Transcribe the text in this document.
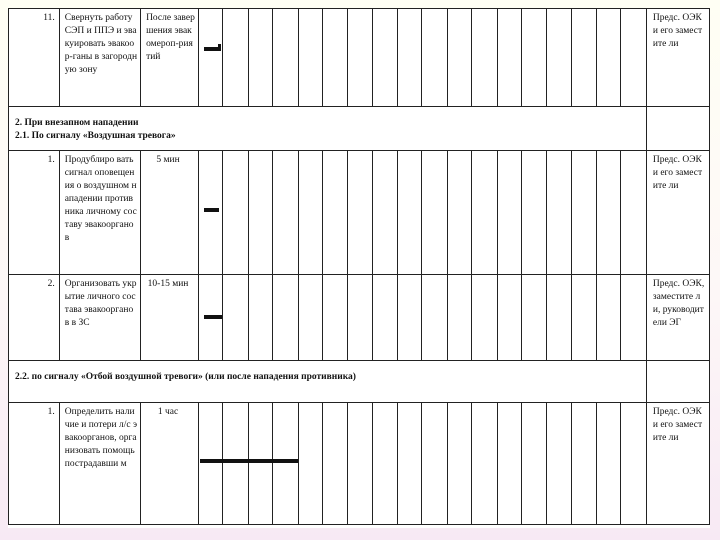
11.	Свернуть работу СЭП и ППЭ и эвакуировать эвакоор-ганы в загородную зону	После завершения эвакомероп-риятий																			Предс. ОЭК и его заместите ли

2. При внезапном нападении
2.1. По сигналу «Воздушная тревога»																					

1.	Продублиро вать сигнал оповещения о воздушном нападении противника личному составу эвакоорганов	5 мин																			Предс. ОЭК и его заместите ли
2.	Организовать укрытие личного состава эвакоорганов в ЗС	10-15 мин																			Предс. ОЭК, заместите ли, руководит ели ЭГ

2.2. по сигналу «Отбой воздушной тревоги» (или после нападения противника)																					

1.	Определить наличие и потери л/с эвакоорганов, организовать помощь пострадавши м	1 час																			Предс. ОЭК и его заместите ли
